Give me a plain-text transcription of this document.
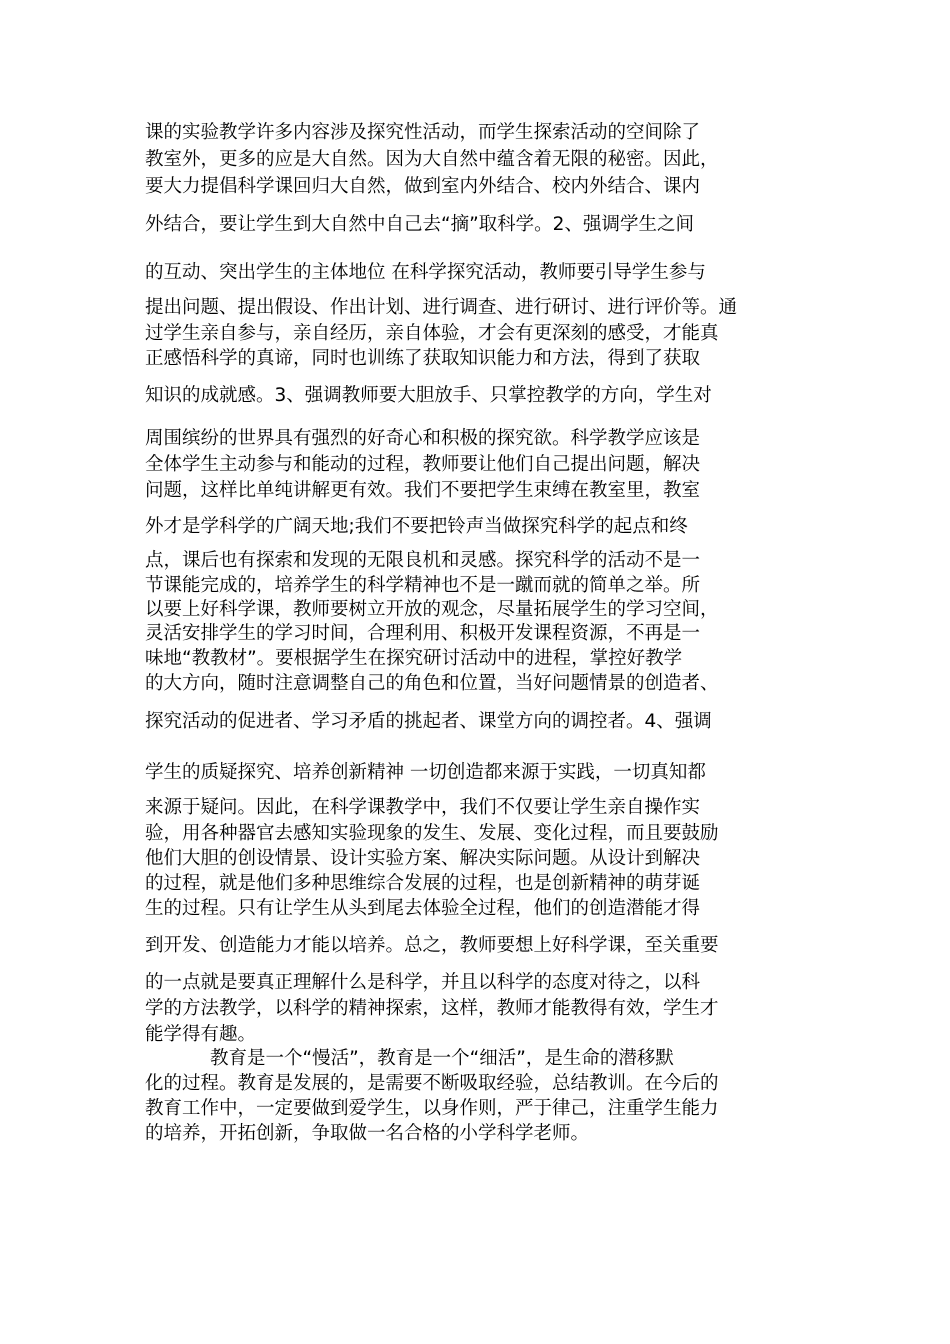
课的实验教学许多内容涉及探究性活动，而学生探索活动的空间除了
教室外，更多的应是大自然。因为大自然中蕴含着无限的秘密。因此，
要大力提倡科学课回归大自然，做到室内外结合、校内外结合、课内
外结合，要让学生到大自然中自己去“摘”取科学。2、强调学生之间
的互动、突出学生的主体地位 在科学探究活动，教师要引导学生参与
提出问题、提出假设、作出计划、进行调查、进行研讨、进行评价等。通
过学生亲自参与，亲自经历，亲自体验，才会有更深刻的感受，才能真
正感悟科学的真谛，同时也训练了获取知识能力和方法，得到了获取
知识的成就感。3、强调教师要大胆放手、只掌控教学的方向，学生对
周围缤纷的世界具有强烈的好奇心和积极的探究欲。科学教学应该是
全体学生主动参与和能动的过程，教师要让他们自己提出问题，解决
问题，这样比单纯讲解更有效。我们不要把学生束缚在教室里，教室
外才是学科学的广阔天地;我们不要把铃声当做探究科学的起点和终
点，课后也有探索和发现的无限良机和灵感。探究科学的活动不是一
节课能完成的，培养学生的科学精神也不是一蹴而就的简单之举。所
以要上好科学课，教师要树立开放的观念，尽量拓展学生的学习空间，
灵活安排学生的学习时间，合理利用、积极开发课程资源，不再是一
味地“教教材”。要根据学生在探究研讨活动中的进程，掌控好教学
的大方向，随时注意调整自己的角色和位置，当好问题情景的创造者、
探究活动的促进者、学习矛盾的挑起者、课堂方向的调控者。4、强调
学生的质疑探究、培养创新精神 一切创造都来源于实践，一切真知都
来源于疑问。因此，在科学课教学中，我们不仅要让学生亲自操作实
验，用各种器官去感知实验现象的发生、发展、变化过程，而且要鼓励
他们大胆的创设情景、设计实验方案、解决实际问题。从设计到解决
的过程，就是他们多种思维综合发展的过程，也是创新精神的萌芽诞
生的过程。只有让学生从头到尾去体验全过程，他们的创造潜能才得
到开发、创造能力才能以培养。总之，教师要想上好科学课，至关重要
的一点就是要真正理解什么是科学，并且以科学的态度对待之，以科
学的方法教学，以科学的精神探索，这样，教师才能教得有效，学生才
能学得有趣。
教育是一个“慢活”，教育是一个“细活”，是生命的潜移默
化的过程。教育是发展的，是需要不断吸取经验，总结教训。在今后的
教育工作中，一定要做到爱学生，以身作则，严于律己，注重学生能力
的培养，开拓创新，争取做一名合格的小学科学老师。
